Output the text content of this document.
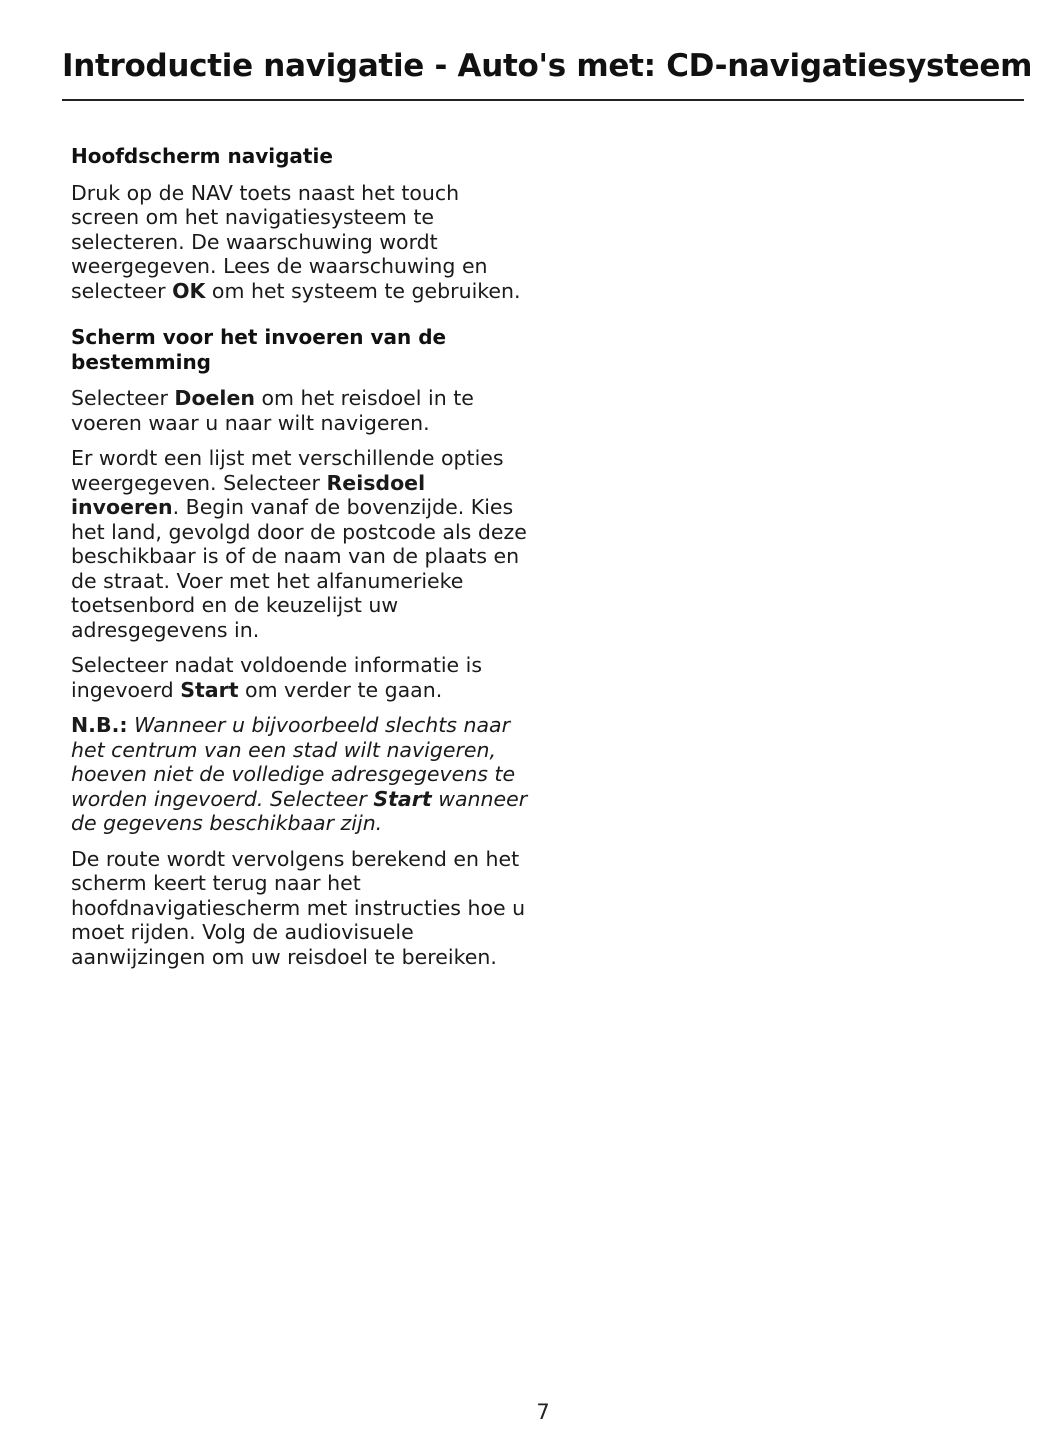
Introductie navigatie - Auto's met: CD-navigatiesysteem
Hoofdscherm navigatie

Druk op de NAV toets naast het touch screen om het navigatiesysteem te selecteren. De waarschuwing wordt weergegeven. Lees de waarschuwing en selecteer OK om het systeem te gebruiken.

Scherm voor het invoeren van de bestemming

Selecteer Doelen om het reisdoel in te voeren waar u naar wilt navigeren.

Er wordt een lijst met verschillende opties weergegeven. Selecteer Reisdoel invoeren. Begin vanaf de bovenzijde. Kies het land, gevolgd door de postcode als deze beschikbaar is of de naam van de plaats en de straat. Voer met het alfanumerieke toetsenbord en de keuzelijst uw adresgegevens in.

Selecteer nadat voldoende informatie is ingevoerd Start om verder te gaan.

N.B.: Wanneer u bijvoorbeeld slechts naar het centrum van een stad wilt navigeren, hoeven niet de volledige adresgegevens te worden ingevoerd. Selecteer Start wanneer de gegevens beschikbaar zijn.

De route wordt vervolgens berekend en het scherm keert terug naar het hoofdnavigatiescherm met instructies hoe u moet rijden. Volg de audiovisuele aanwijzingen om uw reisdoel te bereiken.

7
